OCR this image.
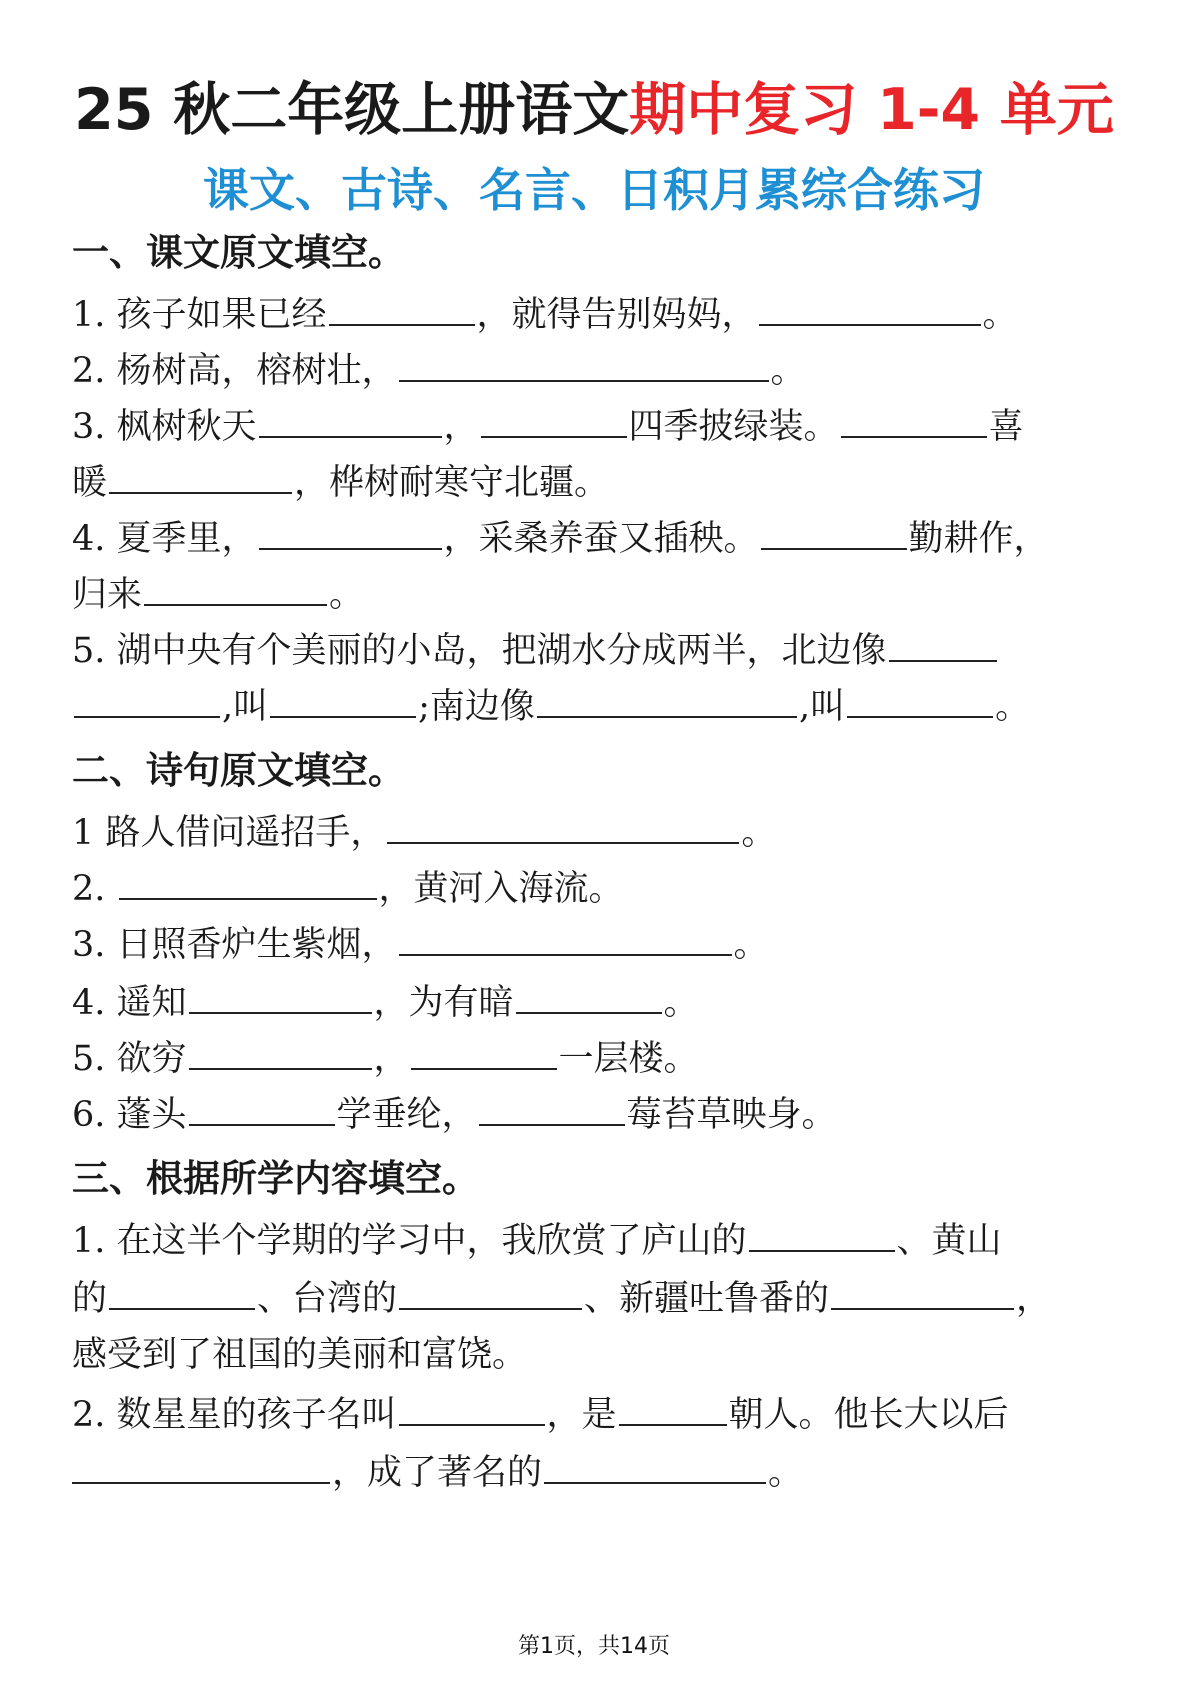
25 秋二年级上册语文期中复习 1-4 单元
课文、古诗、名言、日积月累综合练习
一、课文原文填空。
1. 孩子如果已经	，就得告别妈妈，	。
2. 杨树高，榕树壮，	。
3. 枫树秋天	，	四季披绿装。	喜
暖	，桦树耐寒守北疆。
4. 夏季里，	，采桑养蚕又插秧。	勤耕作，
归来	。
5. 湖中央有个美丽的小岛，把湖水分成两半，北边像
,叫	;南边像	,叫	。
二、诗句原文填空。
1 路人借问遥招手，	。
2.	，黄河入海流。
3. 日照香炉生紫烟，	。
4. 遥知	，为有暗	。
5. 欲穷	，	一层楼。
6. 蓬头	学垂纶，	莓苔草映身。
三、根据所学内容填空。
1. 在这半个学期的学习中，我欣赏了庐山的	、黄山
的	、台湾的	、新疆吐鲁番的	，
感受到了祖国的美丽和富饶。
2. 数星星的孩子名叫	，是	朝人。他长大以后
，成了著名的	。
第1页，共14页
